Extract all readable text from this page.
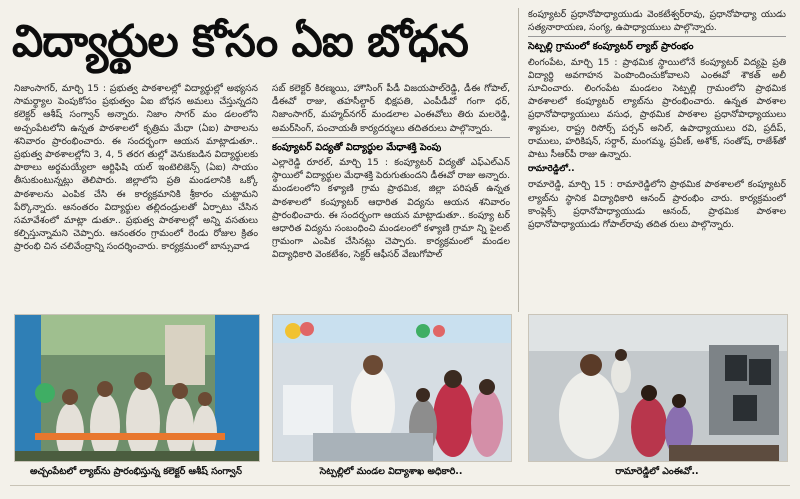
విద్యార్థుల కోసం ఏఐ బోధన

నిజాంసాగర్, మార్చి 15 : ప్రభుత్వ పాఠశాలల్లో విద్యార్థుల్లో అభ్యసన సామర్థ్యాల పెంపుకోసం ప్రభుత్వం ఏఐ బోధన అమలు చేస్తున్నదని కలెక్టర్ ఆశీష్ సంగ్వాన్ అన్నారు. నిజాం సాగర్ మం డలంలోని అచ్చంపేటలోని ఉన్నత పాఠశాలలో కృత్రిమ మేధా (ఏఐ) పాఠాలను శనివారం ప్రారంభించారు. ఈ సందర్భంగా ఆయన మాట్లాడుతూ.. ప్రభుత్వ పాఠశాలల్లోని 3, 4, 5 తరగ తుల్లో వెనుకబడిన విద్యార్థులకు పాఠాలు అర్థమయ్యేలా ఆర్టిఫిషి యల్ ఇంటెలిజెన్స్ (ఏఐ) సాయం తీసుకుంటున్నట్లు తెలిపారు. జిల్లాలోని ప్రతి మండలానికి ఒక్కో పాఠశాలను ఎంపిక చేసి ఈ కార్యక్రమానికి శ్రీకారం చుట్టామని పేర్కొన్నారు. ఆనంతరం విద్యార్థుల తల్లిదండ్రులతో ఏర్పాటు చేసిన సమావేశంలో మాట్లా డుతూ.. ప్రభుత్వ పాఠశాలల్లో అన్ని వసతులు కల్పిస్తున్నామని చెప్పారు. ఆనంతరం గ్రామంలో రెండు రోజుల క్రితం ప్రారంభి చిన చలివేంద్రాన్ని సందర్శించారు. కార్యక్రమంలో బాన్సువాడ

సబ్ కలెక్టర్ కిరణ్మయి, హౌసింగ్ పీడీ విజయపాల్‌రెడ్డి, డీఈ గోపాల్, డీఈవో రాజు, తహసీల్దార్ భిక్షపతి, ఎంపీడీవో గంగా ధర్, నిజాంసాగర్, మహ్మద్‌నగర్ మండలాల ఎంఈవోలు తిరు మలరెడ్డి, అమర్‌సింగ్, పంచాయతీ కార్యదర్శులు తదితరులు పాల్గొన్నారు.

కంప్యూటర్ విద్యతో విద్యార్థుల మేధాశక్తి పెంపు

ఎల్లారెడ్డి రూరల్, మార్చి 15 : కంప్యూటర్ విద్యతో ఎఫ్‌ఎల్‌ఎన్ స్థాయిలో విద్యార్థుల మేధాశక్తి పెరుగుతుందని డీఈవో రాజు అన్నారు. మండలంలోని కళ్యాణి గ్రామ ప్రాథమిక, జిల్లా పరిషత్ ఉన్నత పాఠశాలలో కంప్యూటర్ ఆధారిత విద్యను ఆయన శనివారం ప్రారంభించారు. ఈ సందర్భంగా ఆయన మాట్లాడుతూ.. కంప్యూ టర్ ఆధారిత విద్యను సంబంధించి మండలంలో కళ్యాణి గ్రామా న్ని పైలట్ గ్రామంగా ఎంపిక చేసినట్లు చెప్పారు. కార్యక్రమంలో మండల విద్యాధికారి వెంకటేశం, సెక్టర్ ఆఫీసర్ వేణుగోపాల్

కంప్యూటర్ ప్రధానోపాధ్యాయుడు వెంకటేశ్వర్‌రావు, ప్రధానోపాధ్యా యుడు సత్యనారాయణ, సంగ్య, ఉపాధ్యాయులు పాల్గొన్నారు.

సెట్పల్లి గ్రామంలో కంప్యూటర్ ల్యాబ్ ప్రారంభం

లింగంపేట, మార్చి 15 : ప్రాథమిక స్థాయిలోనే కంప్యూటర్ విద్యపై ప్రతి విద్యార్థి అవగాహన పెంపొందించుకోవాలని ఎంఈవో శౌకత్ అలీ సూచించారు. లింగంపేట మండలం సెట్పల్లి గ్రామంలోని ప్రాథమిక పాఠశాలలో కంప్యూటర్ ల్యాబ్‌ను ప్రారంభించారు. ఉన్నత పాఠశాల ప్రధానోపాధ్యాయులు వసుధ, ప్రాథమిక పాఠశాల ప్రధానోపాధ్యాయులు శ్యామల, రాష్ట్ర రిసోర్స్ పర్సన్ అనిల్, ఉపాధ్యాయులు రవి, ప్రదీప్, రాములు, హరికిషన్, సర్దార్, మంగమ్మ, ప్రవీణ్, అశోక్, సంతోష్, రాజేశ్‌తో పాటు సీఆర్‌పీ రాజు ఉన్నారు.

రామారెడ్డిలో..

రామారెడ్డి, మార్చి 15 : రామారెడ్డిలోని ప్రాథమిక పాఠశాలలో కంప్యూటర్ ల్యాబ్‌ను స్థానిక విద్యాధికారి ఆనంద్ ప్రారంభిం చారు. కార్యక్రమంలో కాంప్లెక్స్ ప్రధానోపాధ్యాయుడు ఆనంద్, ప్రాథమిక పాఠశాల ప్రధానోపాధ్యాయుడు గోపాల్‌రావు తదిత రులు పాల్గొన్నారు.

అచ్చంపేటలో ల్యాబ్‌ను ప్రారంభిస్తున్న కలెక్టర్ ఆశీష్ సంగ్వాన్	సెట్పల్లిలో మండల విద్యాశాఖ అధికారి..	రామారెడ్డిలో ఎంఈవో..
